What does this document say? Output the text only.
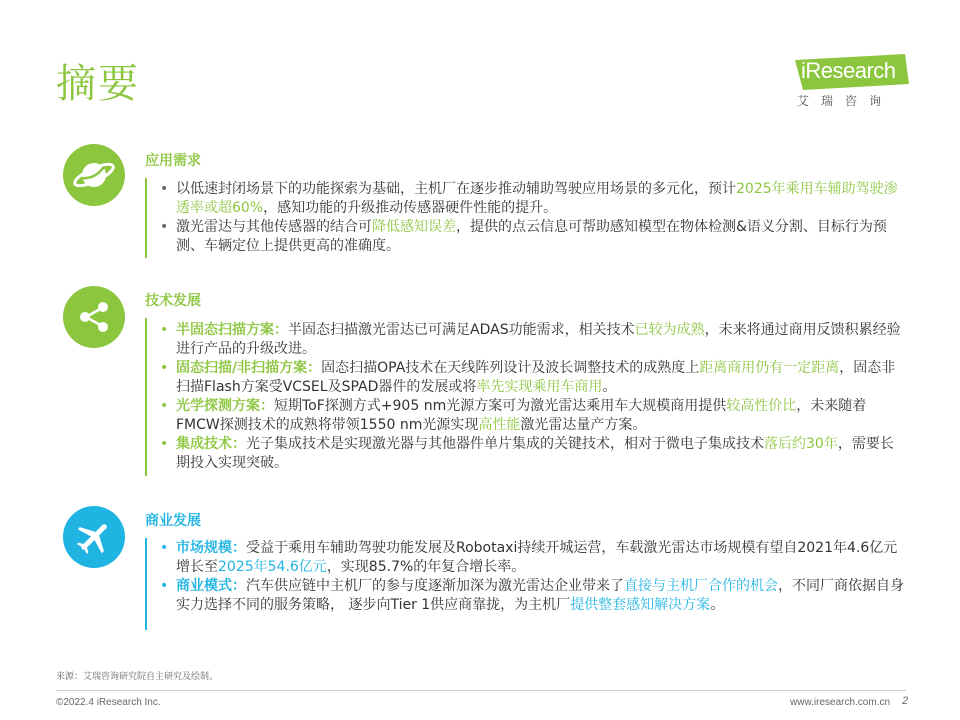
摘要	iResearch
艾瑞咨询
应用需求
• 以低速封闭场景下的功能探索为基础，主机厂在逐步推动辅助驾驶应用场景的多元化，预计2025年乘用车辅助驾驶渗透率或超60%，感知功能的升级推动传感器硬件性能的提升。
• 激光雷达与其他传感器的结合可降低感知误差，提供的点云信息可帮助感知模型在物体检测&语义分割、目标行为预测、车辆定位上提供更高的准确度。
技术发展
• 半固态扫描方案：半固态扫描激光雷达已可满足ADAS功能需求，相关技术已较为成熟，未来将通过商用反馈积累经验进行产品的升级改进。
• 固态扫描/非扫描方案：固态扫描OPA技术在天线阵列设计及波长调整技术的成熟度上距离商用仍有一定距离，固态非扫描Flash方案受VCSEL及SPAD器件的发展或将率先实现乘用车商用。
• 光学探测方案：短期ToF探测方式+905 nm光源方案可为激光雷达乘用车大规模商用提供较高性价比，未来随着FMCW探测技术的成熟将带领1550 nm光源实现高性能激光雷达量产方案。
• 集成技术：光子集成技术是实现激光器与其他器件单片集成的关键技术，相对于微电子集成技术落后约30年，需要长期投入实现突破。
商业发展
• 市场规模：受益于乘用车辅助驾驶功能发展及Robotaxi持续开城运营，车载激光雷达市场规模有望自2021年4.6亿元增长至2025年54.6亿元，实现85.7%的年复合增长率。
• 商业模式：汽车供应链中主机厂的参与度逐渐加深为激光雷达企业带来了直接与主机厂合作的机会，不同厂商依据自身实力选择不同的服务策略， 逐步向Tier 1供应商靠拢，为主机厂提供整套感知解决方案。

来源：艾瑞咨询研究院自主研究及绘制。

©2022.4 iResearch Inc.	www.iresearch.com.cn 2
